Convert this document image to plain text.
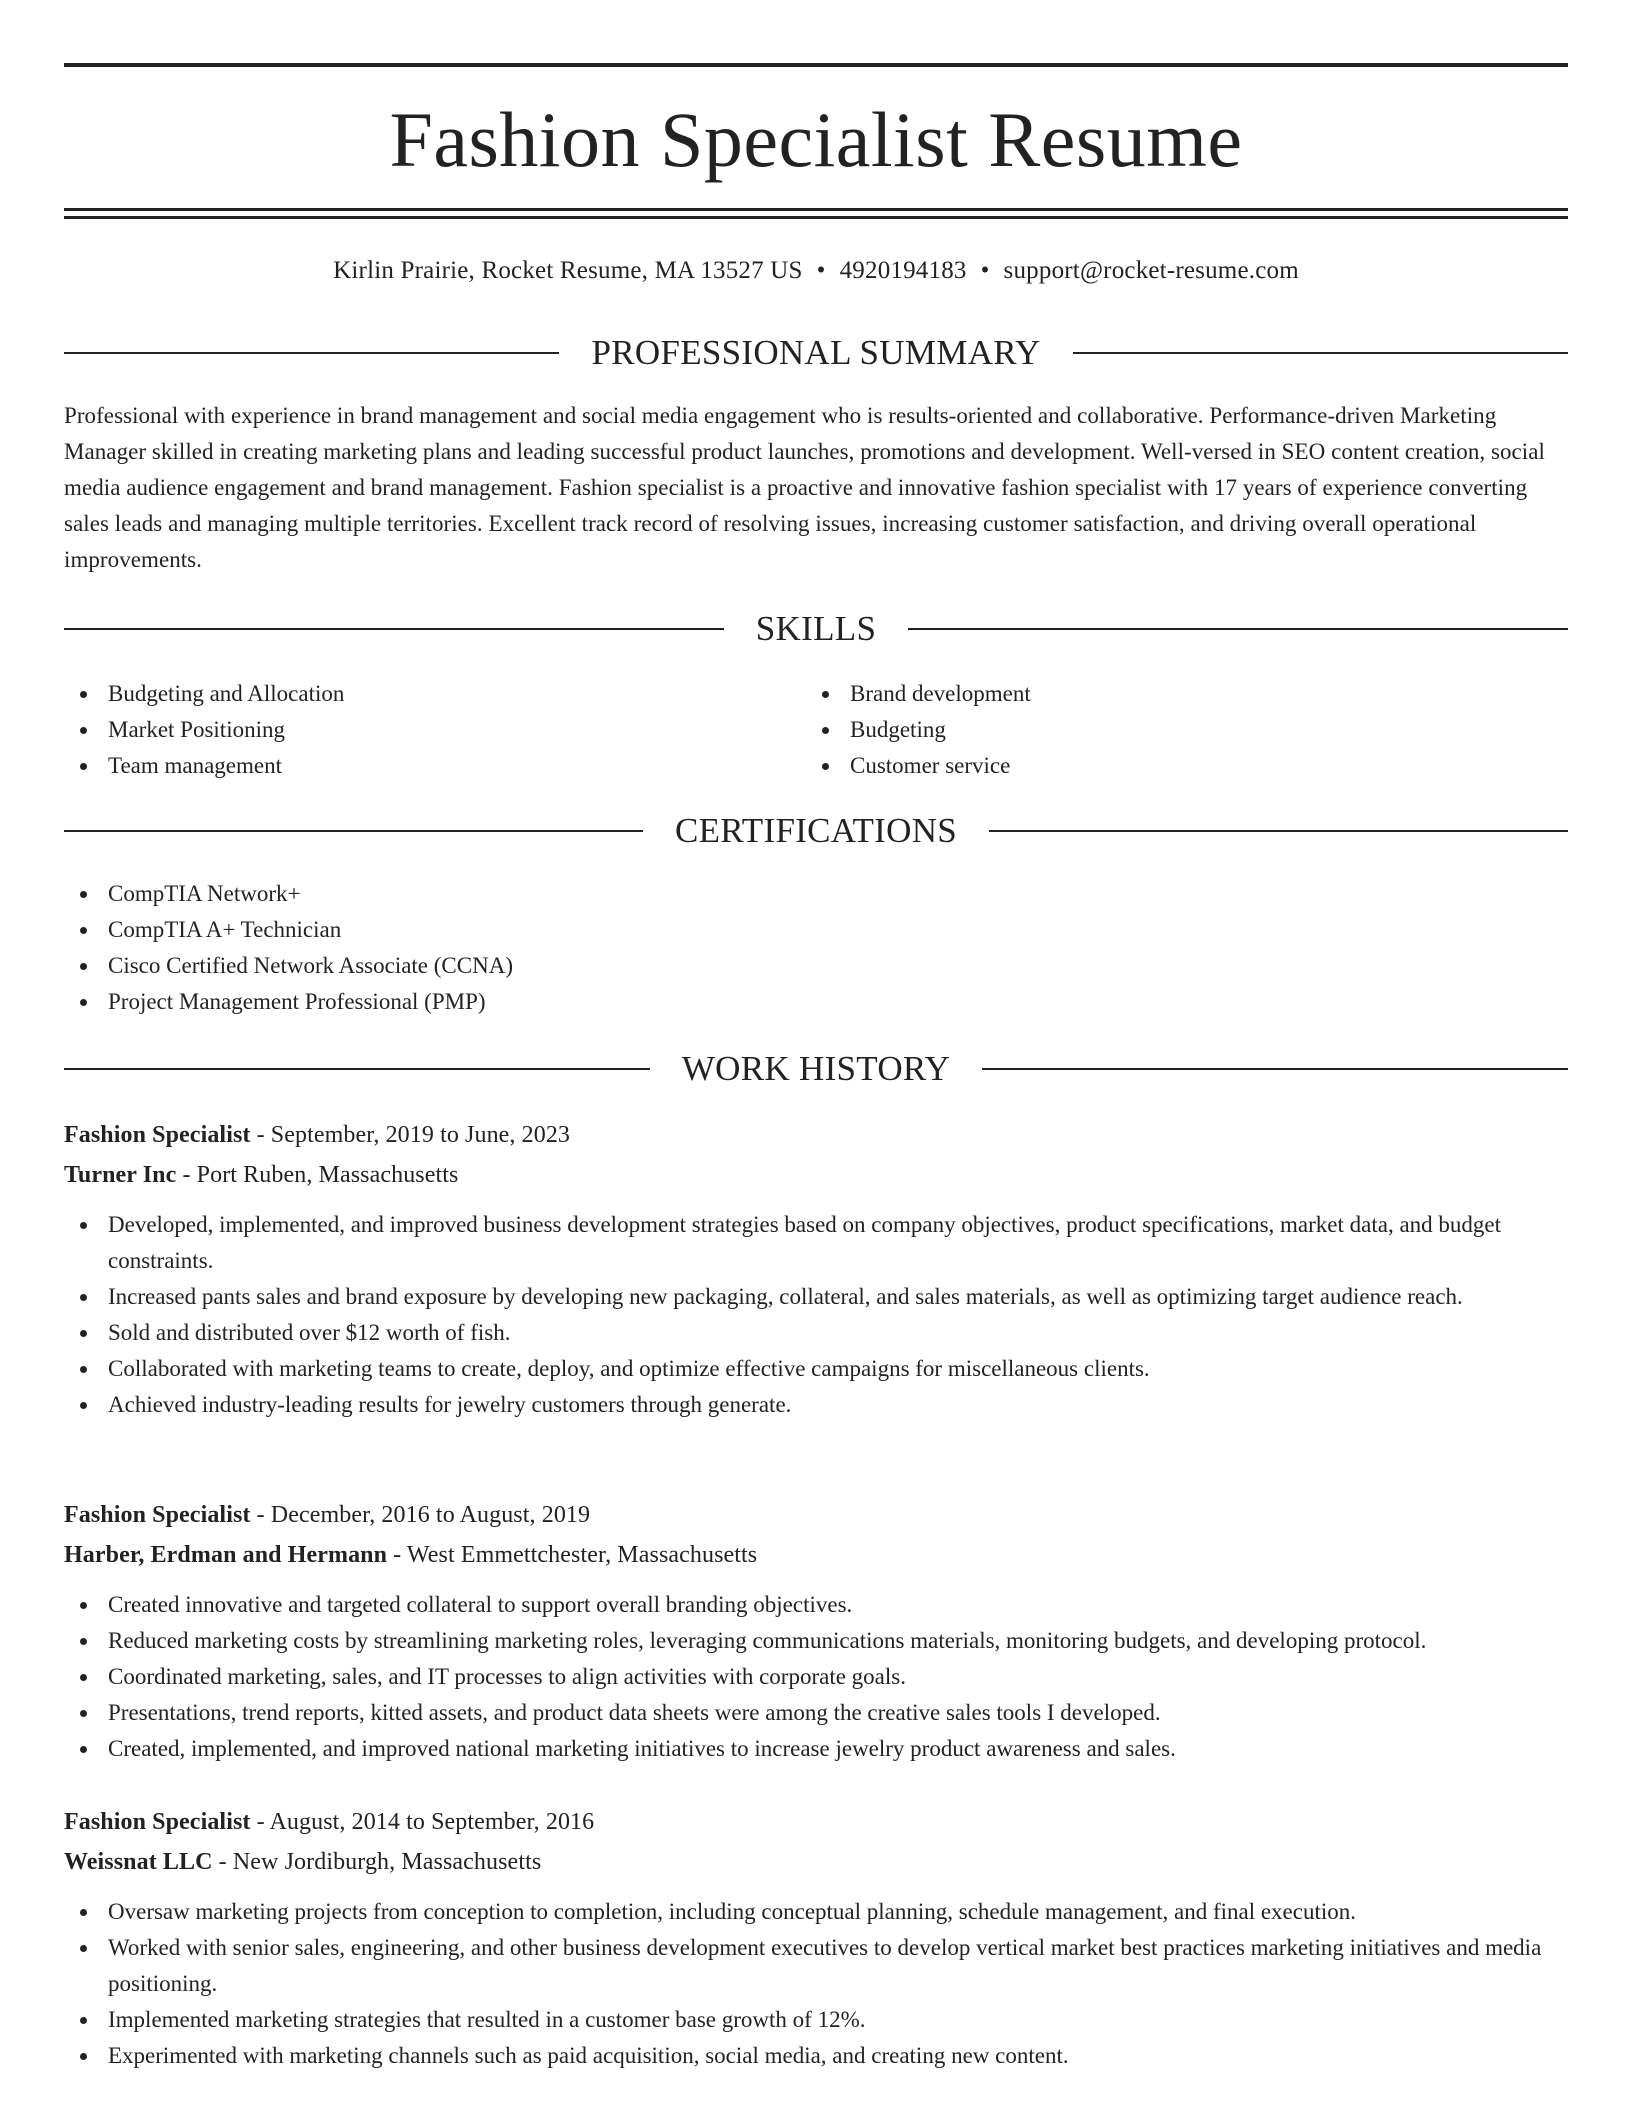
Fashion Specialist Resume
Kirlin Prairie, Rocket Resume, MA 13527 US • 4920194183 • support@rocket-resume.com
PROFESSIONAL SUMMARY

Professional with experience in brand management and social media engagement who is results-oriented and collaborative. Performance-driven Marketing Manager skilled in creating marketing plans and leading successful product launches, promotions and development. Well-versed in SEO content creation, social media audience engagement and brand management. Fashion specialist is a proactive and innovative fashion specialist with 17 years of experience converting sales leads and managing multiple territories. Excellent track record of resolving issues, increasing customer satisfaction, and driving overall operational improvements.

SKILLS
Budgeting and Allocation
Market Positioning
Team management
Brand development
Budgeting
Customer service
CERTIFICATIONS
CompTIA Network+
CompTIA A+ Technician
Cisco Certified Network Associate (CCNA)
Project Management Professional (PMP)
WORK HISTORY
Fashion Specialist - September, 2019 to June, 2023
Turner Inc - Port Ruben, Massachusetts
Developed, implemented, and improved business development strategies based on company objectives, product specifications, market data, and budget constraints.
Increased pants sales and brand exposure by developing new packaging, collateral, and sales materials, as well as optimizing target audience reach.
Sold and distributed over $12 worth of fish.
Collaborated with marketing teams to create, deploy, and optimize effective campaigns for miscellaneous clients.
Achieved industry-leading results for jewelry customers through generate.
Fashion Specialist - December, 2016 to August, 2019
Harber, Erdman and Hermann - West Emmettchester, Massachusetts
Created innovative and targeted collateral to support overall branding objectives.
Reduced marketing costs by streamlining marketing roles, leveraging communications materials, monitoring budgets, and developing protocol.
Coordinated marketing, sales, and IT processes to align activities with corporate goals.
Presentations, trend reports, kitted assets, and product data sheets were among the creative sales tools I developed.
Created, implemented, and improved national marketing initiatives to increase jewelry product awareness and sales.
Fashion Specialist - August, 2014 to September, 2016
Weissnat LLC - New Jordiburgh, Massachusetts
Oversaw marketing projects from conception to completion, including conceptual planning, schedule management, and final execution.
Worked with senior sales, engineering, and other business development executives to develop vertical market best practices marketing initiatives and media positioning.
Implemented marketing strategies that resulted in a customer base growth of 12%.
Experimented with marketing channels such as paid acquisition, social media, and creating new content.
